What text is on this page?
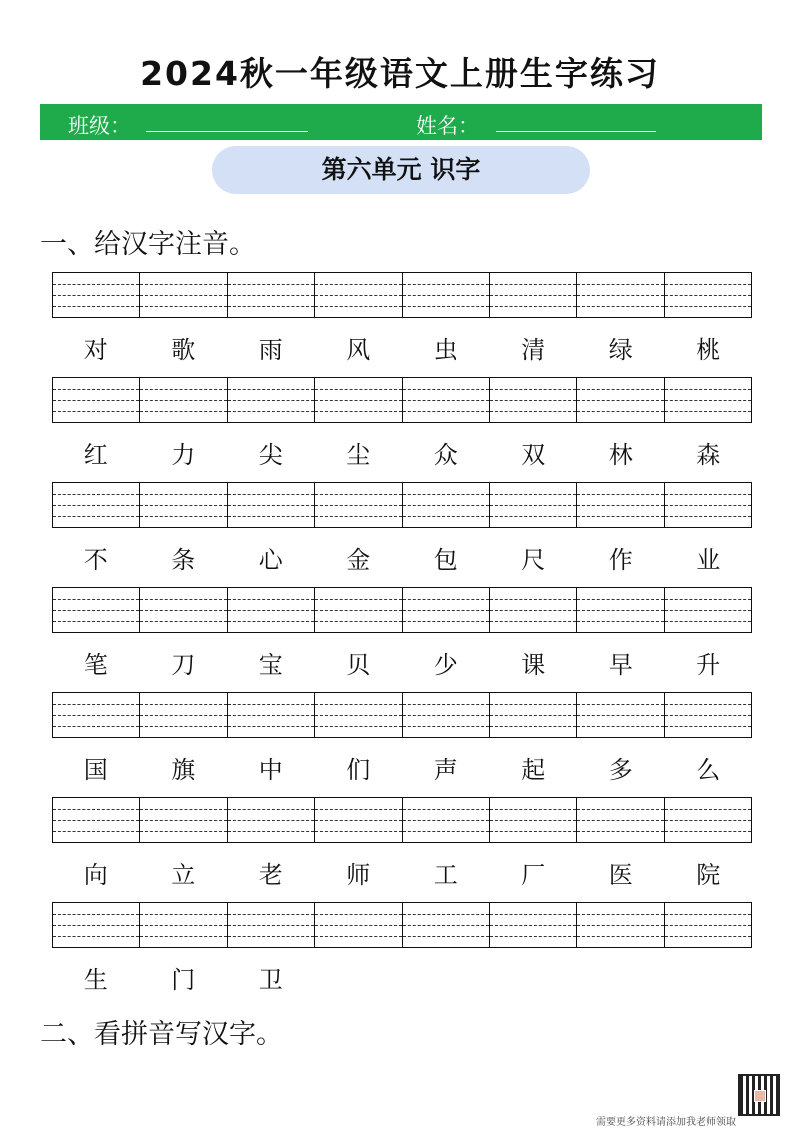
2024秋一年级语文上册生字练习
班级：	姓名：
第六单元 识字
一、给汉字注音。
对	歌	雨	风	虫	清	绿	桃
红	力	尖	尘	众	双	林	森
不	条	心	金	包	尺	作	业
笔	刀	宝	贝	少	课	早	升
国	旗	中	们	声	起	多	么
向	立	老	师	工	厂	医	院
生	门	卫
二、看拼音写汉字。
需要更多资料请添加我老师领取
